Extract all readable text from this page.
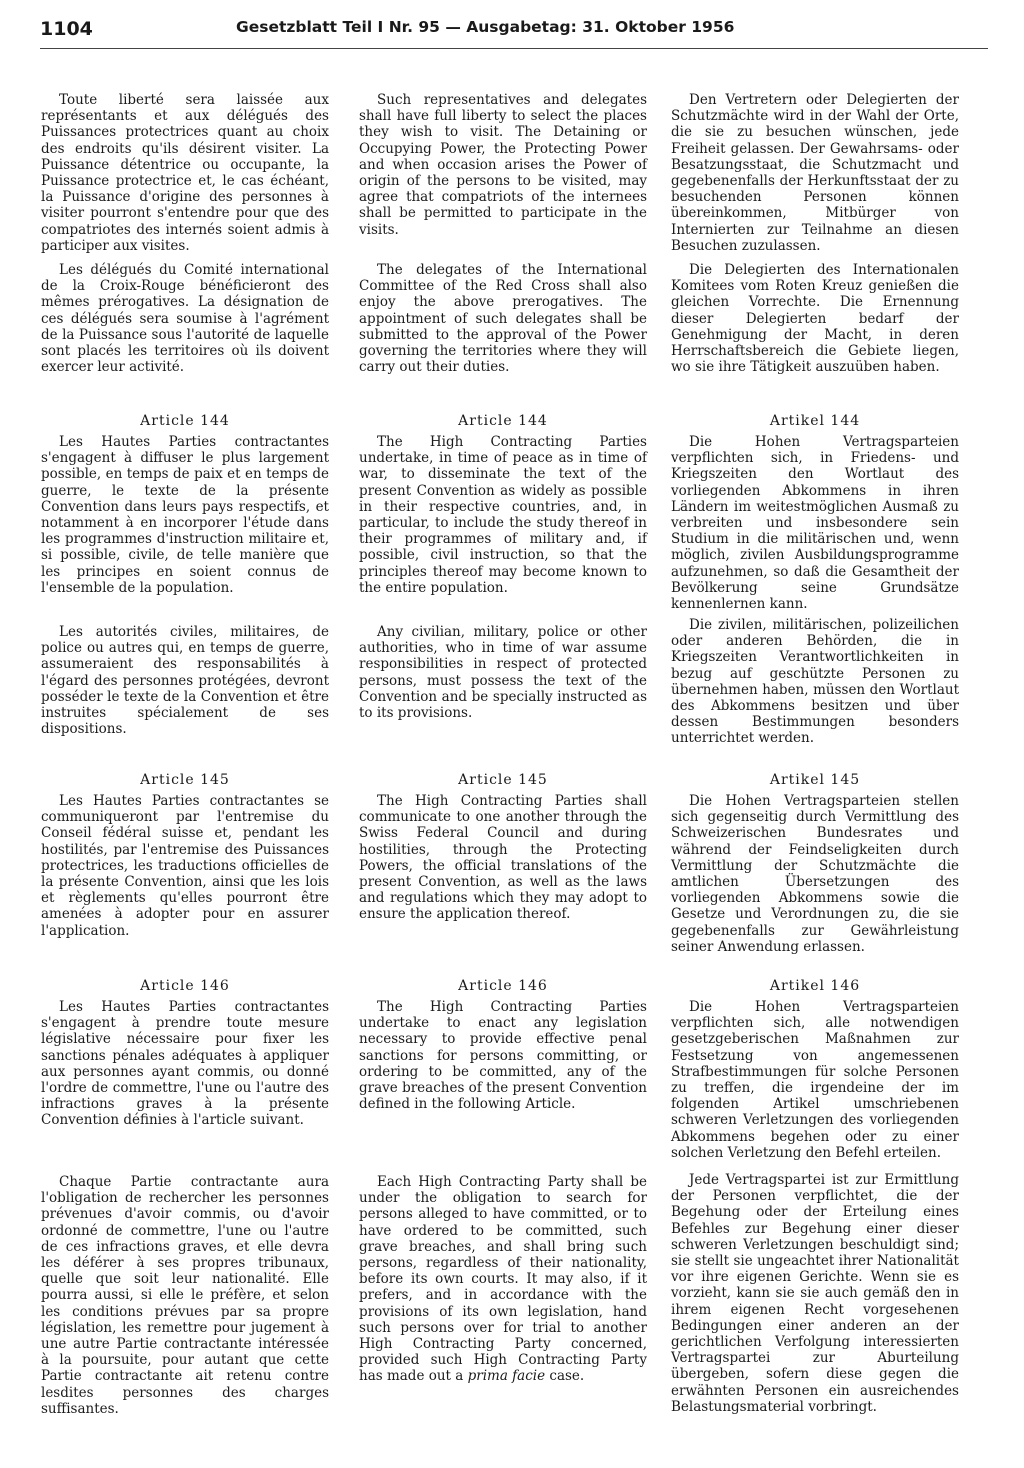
1104	Gesetzblatt Teil I Nr. 95 — Ausgabetag: 31. Oktober 1956

Toute liberté sera laissée aux représentants et aux délégués des Puissances protectrices quant au choix des endroits qu'ils désirent visiter. La Puissance détentrice ou occupante, la Puissance protectrice et, le cas échéant, la Puissance d'origine des personnes à visiter pourront s'entendre pour que des compatriotes des internés soient admis à participer aux visites.

Les délégués du Comité international de la Croix-Rouge bénéficieront des mêmes prérogatives. La désignation de ces délégués sera soumise à l'agrément de la Puissance sous l'autorité de laquelle sont placés les territoires où ils doivent exercer leur activité.

Article 144

Les Hautes Parties contractantes s'engagent à diffuser le plus largement possible, en temps de paix et en temps de guerre, le texte de la présente Convention dans leurs pays respectifs, et notamment à en incorporer l'étude dans les programmes d'instruction militaire et, si possible, civile, de telle manière que les principes en soient connus de l'ensemble de la population.

Les autorités civiles, militaires, de police ou autres qui, en temps de guerre, assumeraient des responsabilités à l'égard des personnes protégées, devront posséder le texte de la Convention et être instruites spécialement de ses dispositions.

Article 145

Les Hautes Parties contractantes se communiqueront par l'entremise du Conseil fédéral suisse et, pendant les hostilités, par l'entremise des Puissances protectrices, les traductions officielles de la présente Convention, ainsi que les lois et règlements qu'elles pourront être amenées à adopter pour en assurer l'application.

Article 146

Les Hautes Parties contractantes s'engagent à prendre toute mesure législative nécessaire pour fixer les sanctions pénales adéquates à appliquer aux personnes ayant commis, ou donné l'ordre de commettre, l'une ou l'autre des infractions graves à la présente Convention définies à l'article suivant.

Chaque Partie contractante aura l'obligation de rechercher les personnes prévenues d'avoir commis, ou d'avoir ordonné de commettre, l'une ou l'autre de ces infractions graves, et elle devra les déférer à ses propres tribunaux, quelle que soit leur nationalité. Elle pourra aussi, si elle le préfère, et selon les conditions prévues par sa propre législation, les remettre pour jugement à une autre Partie contractante intéressée à la poursuite, pour autant que cette Partie contractante ait retenu contre lesdites personnes des charges suffisantes.

Such representatives and delegates shall have full liberty to select the places they wish to visit. The Detaining or Occupying Power, the Protecting Power and when occasion arises the Power of origin of the persons to be visited, may agree that compatriots of the internees shall be permitted to participate in the visits.

The delegates of the International Committee of the Red Cross shall also enjoy the above prerogatives. The appointment of such delegates shall be submitted to the approval of the Power governing the territories where they will carry out their duties.

Article 144

The High Contracting Parties undertake, in time of peace as in time of war, to disseminate the text of the present Convention as widely as possible in their respective countries, and, in particular, to include the study thereof in their programmes of military and, if possible, civil instruction, so that the principles thereof may become known to the entire population.

Any civilian, military, police or other authorities, who in time of war assume responsibilities in respect of protected persons, must possess the text of the Convention and be specially instructed as to its provisions.

Article 145

The High Contracting Parties shall communicate to one another through the Swiss Federal Council and during hostilities, through the Protecting Powers, the official translations of the present Convention, as well as the laws and regulations which they may adopt to ensure the application thereof.

Article 146

The High Contracting Parties undertake to enact any legislation necessary to provide effective penal sanctions for persons committing, or ordering to be committed, any of the grave breaches of the present Convention defined in the following Article.

Each High Contracting Party shall be under the obligation to search for persons alleged to have committed, or to have ordered to be committed, such grave breaches, and shall bring such persons, regardless of their nationality, before its own courts. It may also, if it prefers, and in accordance with the provisions of its own legislation, hand such persons over for trial to another High Contracting Party concerned, provided such High Contracting Party has made out a prima facie case.

Den Vertretern oder Delegierten der Schutzmächte wird in der Wahl der Orte, die sie zu besuchen wünschen, jede Freiheit gelassen. Der Gewahrsams- oder Besatzungsstaat, die Schutzmacht und gegebenenfalls der Herkunftsstaat der zu besuchenden Personen können übereinkommen, Mitbürger von Internierten zur Teilnahme an diesen Besuchen zuzulassen.

Die Delegierten des Internationalen Komitees vom Roten Kreuz genießen die gleichen Vorrechte. Die Ernennung dieser Delegierten bedarf der Genehmigung der Macht, in deren Herrschaftsbereich die Gebiete liegen, wo sie ihre Tätigkeit auszuüben haben.

Artikel 144

Die Hohen Vertragsparteien verpflichten sich, in Friedens- und Kriegszeiten den Wortlaut des vorliegenden Abkommens in ihren Ländern im weitestmöglichen Ausmaß zu verbreiten und insbesondere sein Studium in die militärischen und, wenn möglich, zivilen Ausbildungsprogramme aufzunehmen, so daß die Gesamtheit der Bevölkerung seine Grundsätze kennenlernen kann.

Die zivilen, militärischen, polizeilichen oder anderen Behörden, die in Kriegszeiten Verantwortlichkeiten in bezug auf geschützte Personen zu übernehmen haben, müssen den Wortlaut des Abkommens besitzen und über dessen Bestimmungen besonders unterrichtet werden.

Artikel 145

Die Hohen Vertragsparteien stellen sich gegenseitig durch Vermittlung des Schweizerischen Bundesrates und während der Feindseligkeiten durch Vermittlung der Schutzmächte die amtlichen Übersetzungen des vorliegenden Abkommens sowie die Gesetze und Verordnungen zu, die sie gegebenenfalls zur Gewährleistung seiner Anwendung erlassen.

Artikel 146

Die Hohen Vertragsparteien verpflichten sich, alle notwendigen gesetzgeberischen Maßnahmen zur Festsetzung von angemessenen Strafbestimmungen für solche Personen zu treffen, die irgendeine der im folgenden Artikel umschriebenen schweren Verletzungen des vorliegenden Abkommens begehen oder zu einer solchen Verletzung den Befehl erteilen.

Jede Vertragspartei ist zur Ermittlung der Personen verpflichtet, die der Begehung oder der Erteilung eines Befehles zur Begehung einer dieser schweren Verletzungen beschuldigt sind; sie stellt sie ungeachtet ihrer Nationalität vor ihre eigenen Gerichte. Wenn sie es vorzieht, kann sie sie auch gemäß den in ihrem eigenen Recht vorgesehenen Bedingungen einer anderen an der gerichtlichen Verfolgung interessierten Vertragspartei zur Aburteilung übergeben, sofern diese gegen die erwähnten Personen ein ausreichendes Belastungsmaterial vorbringt.
